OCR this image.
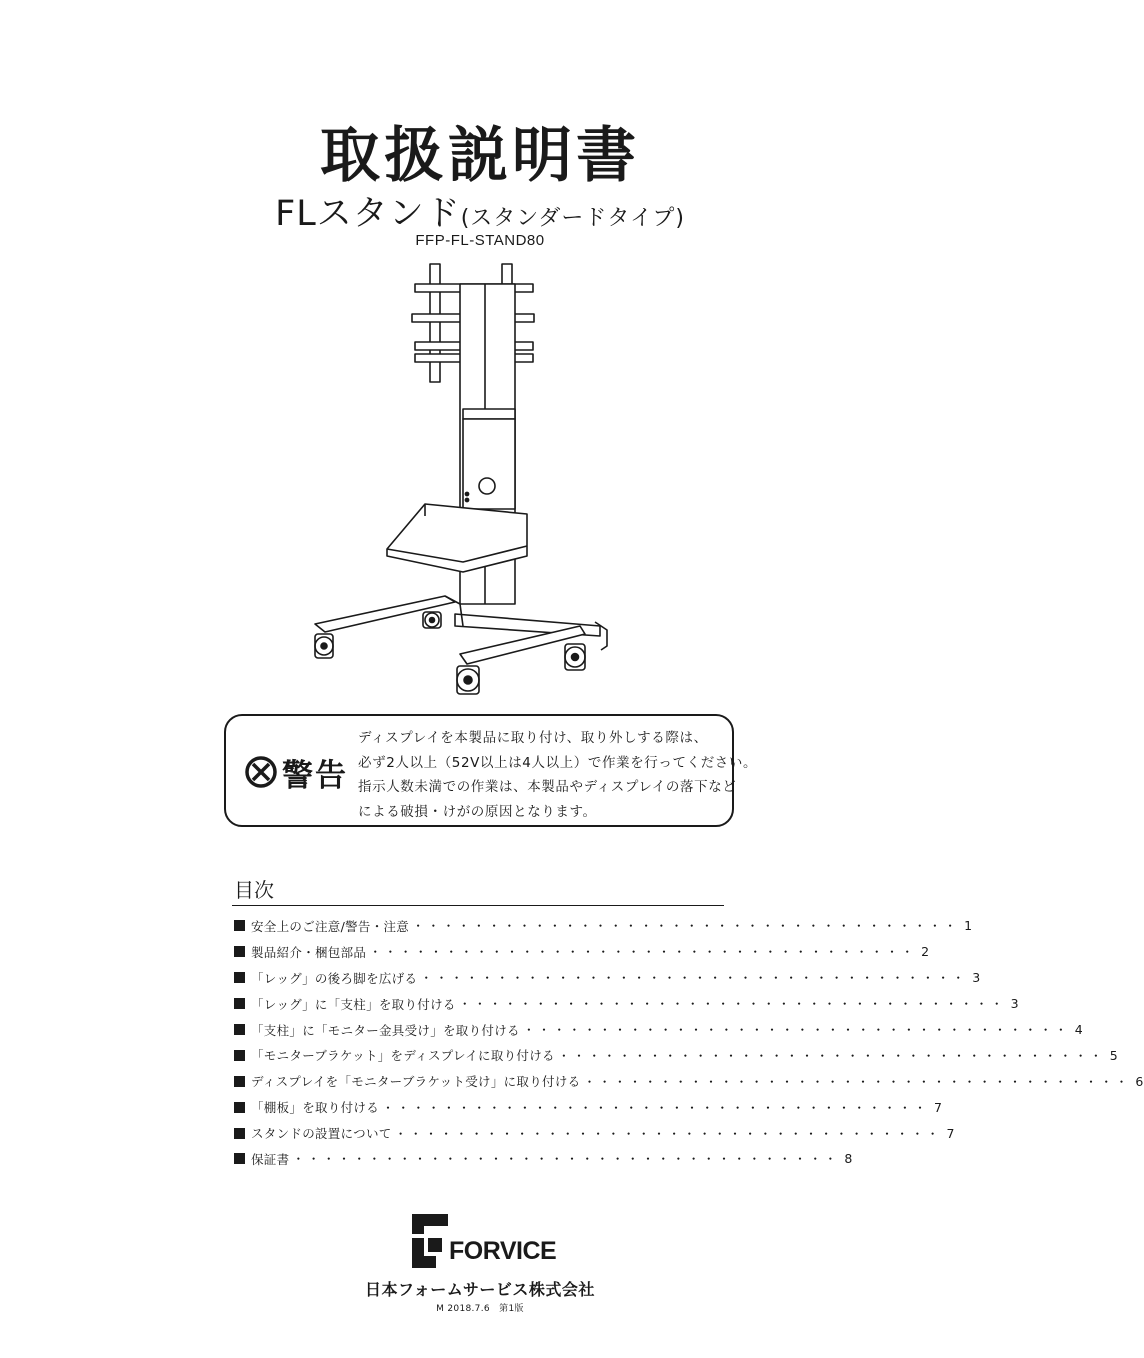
取扱説明書
FLスタンド(スタンダードタイプ)
FFP-FL-STAND80
警告
ディスプレイを本製品に取り付け、取り外しする際は、
必ず2人以上（52V以上は4人以上）で作業を行ってください。
指示人数未満での作業は、本製品やディスプレイの落下など
による破損・けがの原因となります。
目次
安全上のご注意/警告・注意 ・・・・・・・・・・・・・・・・・・・・・・・・・・・・・・・・・・・・ 1
製品紹介・梱包部品 ・・・・・・・・・・・・・・・・・・・・・・・・・・・・・・・・・・・・ 2
「レッグ」の後ろ脚を広げる ・・・・・・・・・・・・・・・・・・・・・・・・・・・・・・・・・・・・ 3
「レッグ」に「支柱」を取り付ける ・・・・・・・・・・・・・・・・・・・・・・・・・・・・・・・・・・・・ 3
「支柱」に「モニター金具受け」を取り付ける ・・・・・・・・・・・・・・・・・・・・・・・・・・・・・・・・・・・・ 4
「モニターブラケット」をディスプレイに取り付ける ・・・・・・・・・・・・・・・・・・・・・・・・・・・・・・・・・・・・ 5
ディスプレイを「モニターブラケット受け」に取り付ける ・・・・・・・・・・・・・・・・・・・・・・・・・・・・・・・・・・・・ 6
「棚板」を取り付ける ・・・・・・・・・・・・・・・・・・・・・・・・・・・・・・・・・・・・ 7
スタンドの設置について ・・・・・・・・・・・・・・・・・・・・・・・・・・・・・・・・・・・・ 7
保証書 ・・・・・・・・・・・・・・・・・・・・・・・・・・・・・・・・・・・・ 8
FORVICE
日本フォームサービス株式会社
M 2018.7.6　第1版
